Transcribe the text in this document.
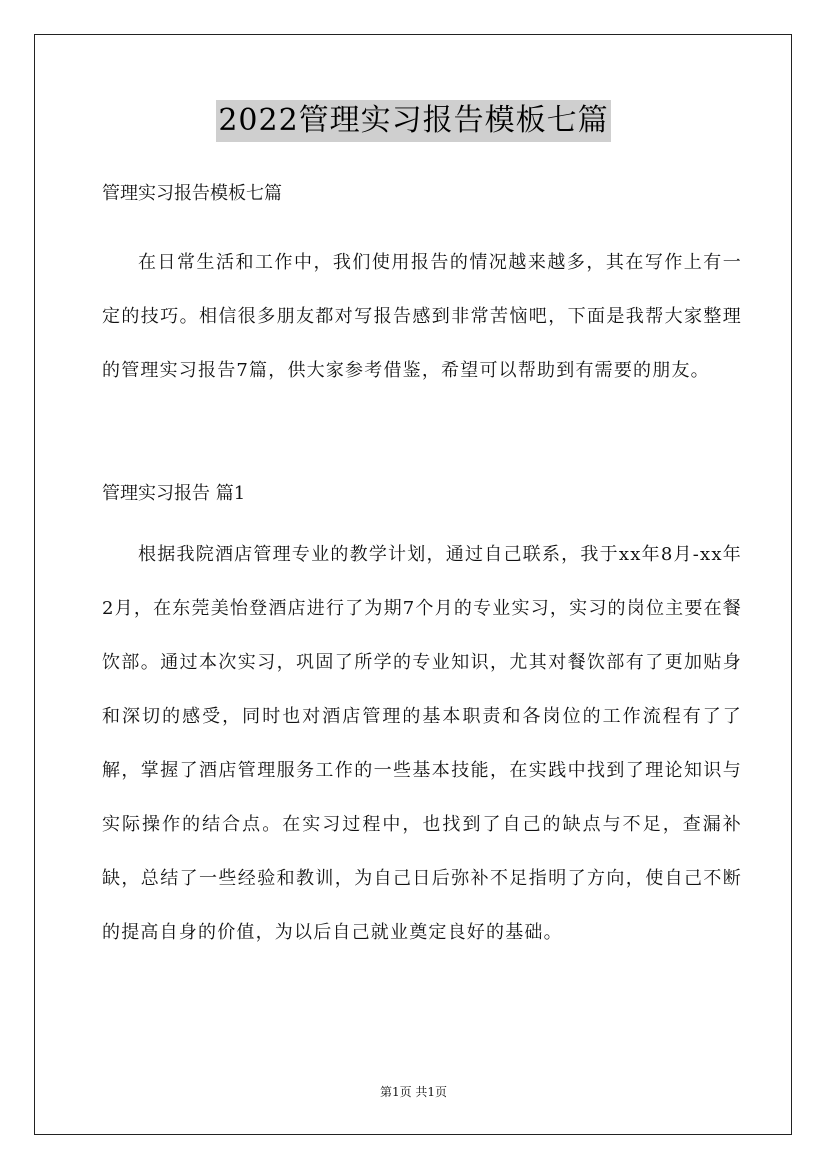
2022管理实习报告模板七篇

管理实习报告模板七篇

在日常生活和工作中，我们使用报告的情况越来越多，其在写作上有一定的技巧。相信很多朋友都对写报告感到非常苦恼吧，下面是我帮大家整理的管理实习报告7篇，供大家参考借鉴，希望可以帮助到有需要的朋友。

管理实习报告 篇1

根据我院酒店管理专业的教学计划，通过自己联系，我于xx年8月-xx年2月，在东莞美怡登酒店进行了为期7个月的专业实习，实习的岗位主要在餐饮部。通过本次实习，巩固了所学的专业知识，尤其对餐饮部有了更加贴身和深切的感受，同时也对酒店管理的基本职责和各岗位的工作流程有了了解，掌握了酒店管理服务工作的一些基本技能，在实践中找到了理论知识与实际操作的结合点。在实习过程中，也找到了自己的缺点与不足，查漏补缺，总结了一些经验和教训，为自己日后弥补不足指明了方向，使自己不断的提高自身的价值，为以后自己就业奠定良好的基础。

第1页 共1页
